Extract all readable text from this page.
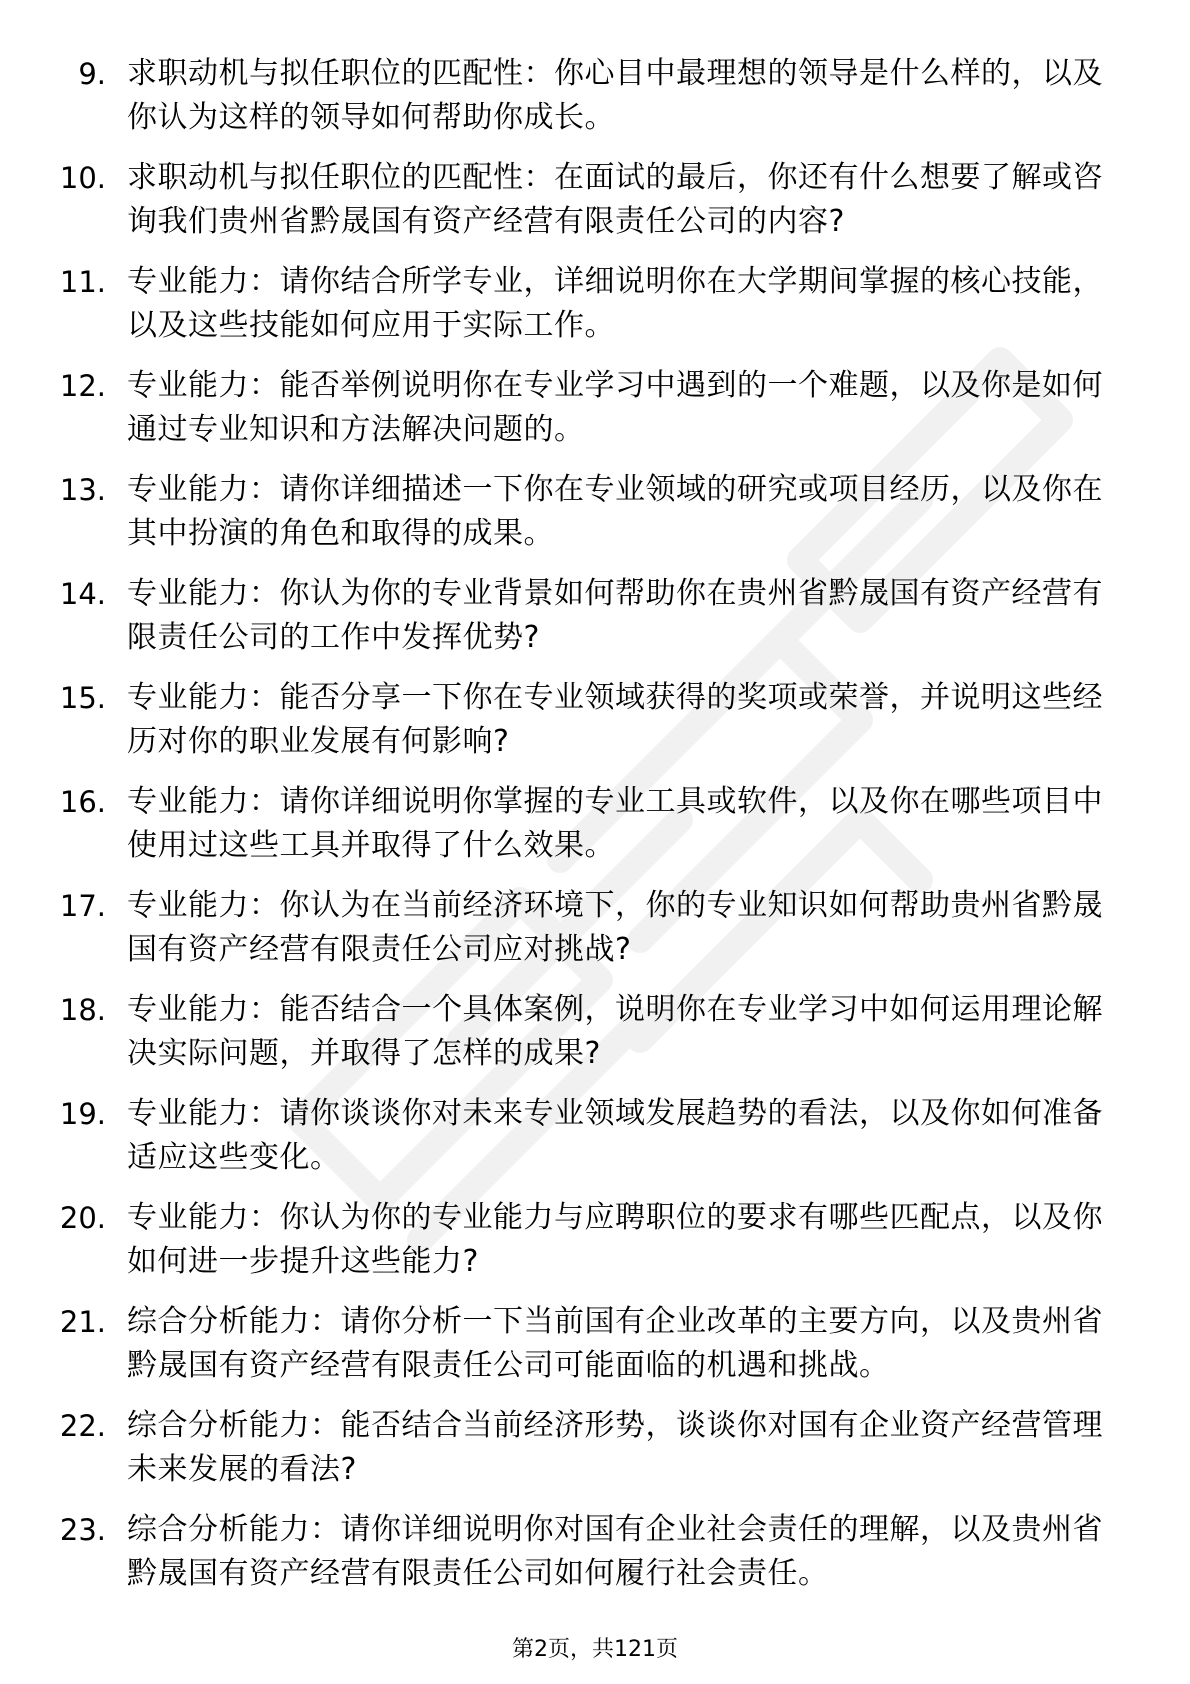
9. 求职动机与拟任职位的匹配性：你心目中最理想的领导是什么样的，以及你认为这样的领导如何帮助你成长。
10. 求职动机与拟任职位的匹配性：在面试的最后，你还有什么想要了解或咨询我们贵州省黔晟国有资产经营有限责任公司的内容?
11. 专业能力：请你结合所学专业，详细说明你在大学期间掌握的核心技能，以及这些技能如何应用于实际工作。
12. 专业能力：能否举例说明你在专业学习中遇到的一个难题，以及你是如何通过专业知识和方法解决问题的。
13. 专业能力：请你详细描述一下你在专业领域的研究或项目经历，以及你在其中扮演的角色和取得的成果。
14. 专业能力：你认为你的专业背景如何帮助你在贵州省黔晟国有资产经营有限责任公司的工作中发挥优势?
15. 专业能力：能否分享一下你在专业领域获得的奖项或荣誉，并说明这些经历对你的职业发展有何影响?
16. 专业能力：请你详细说明你掌握的专业工具或软件，以及你在哪些项目中使用过这些工具并取得了什么效果。
17. 专业能力：你认为在当前经济环境下，你的专业知识如何帮助贵州省黔晟国有资产经营有限责任公司应对挑战?
18. 专业能力：能否结合一个具体案例，说明你在专业学习中如何运用理论解决实际问题，并取得了怎样的成果?
19. 专业能力：请你谈谈你对未来专业领域发展趋势的看法，以及你如何准备适应这些变化。
20. 专业能力：你认为你的专业能力与应聘职位的要求有哪些匹配点，以及你如何进一步提升这些能力?
21. 综合分析能力：请你分析一下当前国有企业改革的主要方向，以及贵州省黔晟国有资产经营有限责任公司可能面临的机遇和挑战。
22. 综合分析能力：能否结合当前经济形势，谈谈你对国有企业资产经营管理未来发展的看法?
23. 综合分析能力：请你详细说明你对国有企业社会责任的理解，以及贵州省黔晟国有资产经营有限责任公司如何履行社会责任。
第2页，共121页
